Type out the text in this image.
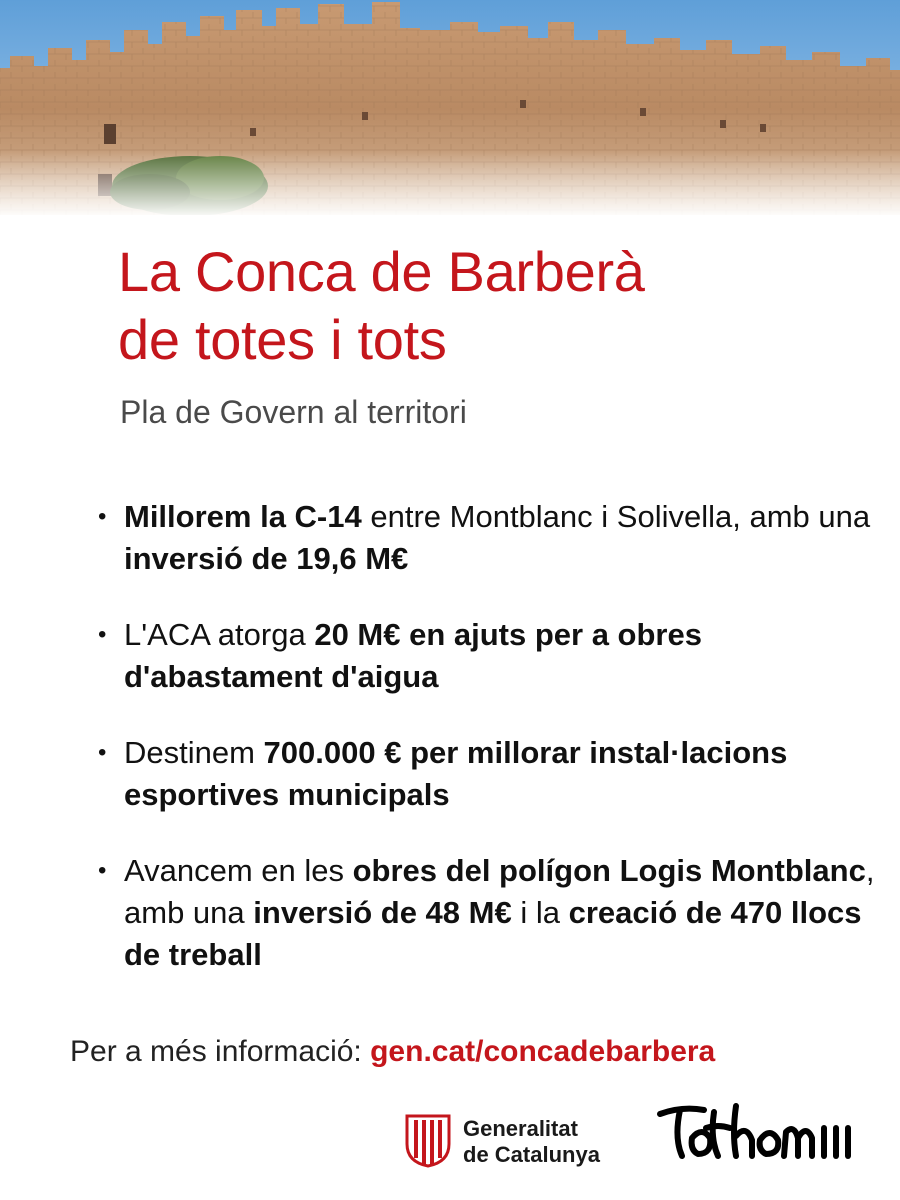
La Conca de Barberà
de totes i tots

Pla de Govern al territori

• Millorem la C-14 entre Montblanc i Solivella, amb una inversió de 19,6 M€
• L'ACA atorga 20 M€ en ajuts per a obres d'abastament d'aigua
• Destinem 700.000 € per millorar instal·lacions esportives municipals
• Avancem en les obres del polígon Logis Montblanc, amb una inversió de 48 M€ i la creació de 470 llocs de treball
Per a més informació: gen.cat/concadebarbera
Generalitat
de Catalunya
